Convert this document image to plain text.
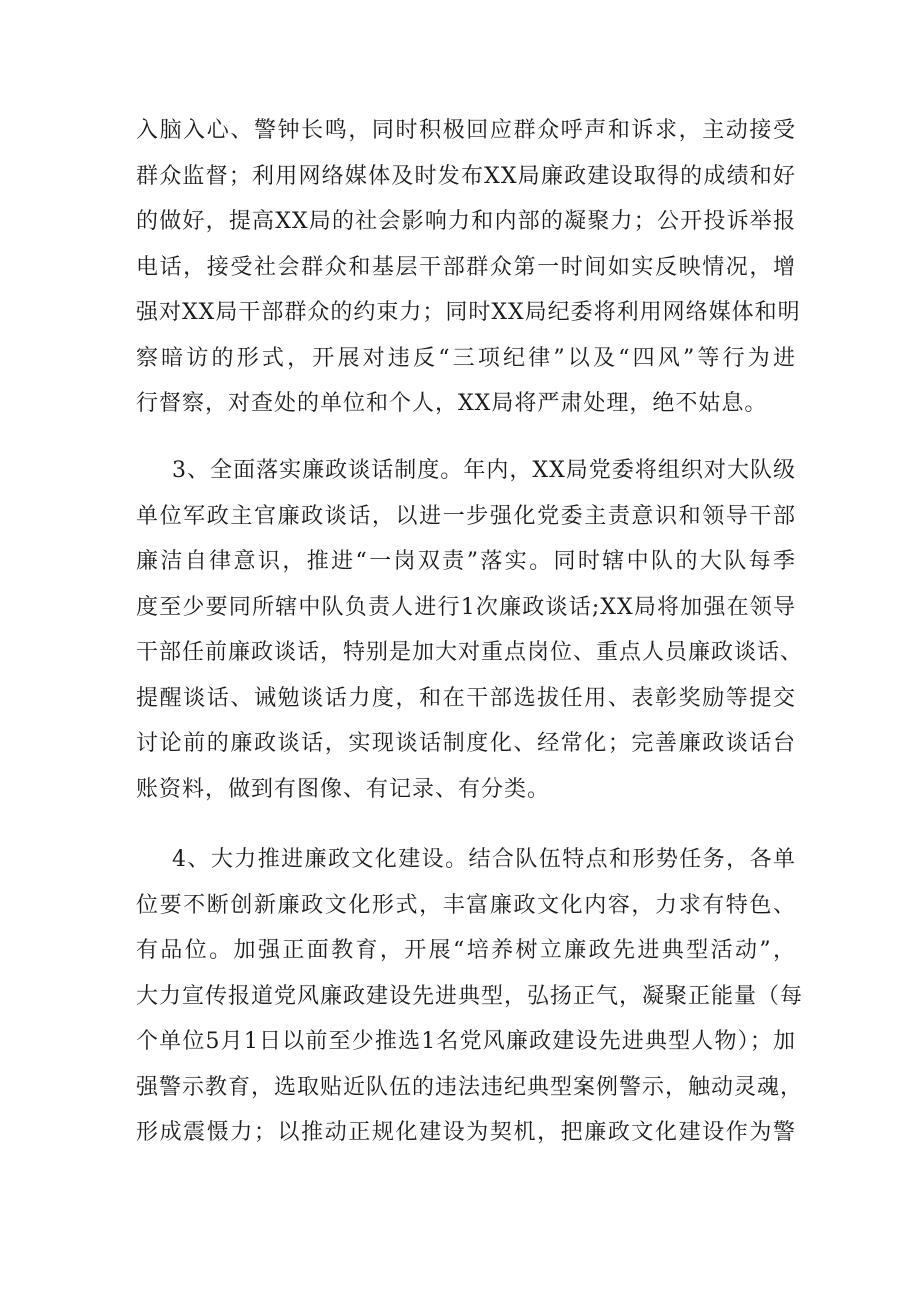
入脑入心、警钟长鸣，同时积极回应群众呼声和诉求，主动接受
群众监督；利用网络媒体及时发布XX局廉政建设取得的成绩和好
的做好，提高XX局的社会影响力和内部的凝聚力；公开投诉举报
电话，接受社会群众和基层干部群众第一时间如实反映情况，增
强对XX局干部群众的约束力；同时XX局纪委将利用网络媒体和明
察暗访的形式，开展对违反“三项纪律”以及“四风”等行为进
行督察，对查处的单位和个人，XX局将严肃处理，绝不姑息。
3、全面落实廉政谈话制度。年内，XX局党委将组织对大队级
单位军政主官廉政谈话，以进一步强化党委主责意识和领导干部
廉洁自律意识，推进“一岗双责”落实。同时辖中队的大队每季
度至少要同所辖中队负责人进行1次廉政谈话;XX局将加强在领导
干部任前廉政谈话，特别是加大对重点岗位、重点人员廉政谈话、
提醒谈话、诫勉谈话力度，和在干部选拔任用、表彰奖励等提交
讨论前的廉政谈话，实现谈话制度化、经常化；完善廉政谈话台
账资料，做到有图像、有记录、有分类。
4、大力推进廉政文化建设。结合队伍特点和形势任务，各单
位要不断创新廉政文化形式，丰富廉政文化内容，力求有特色、
有品位。加强正面教育，开展“培养树立廉政先进典型活动”，
大力宣传报道党风廉政建设先进典型，弘扬正气，凝聚正能量（每
个单位5月1日以前至少推选1名党风廉政建设先进典型人物）；加
强警示教育，选取贴近队伍的违法违纪典型案例警示，触动灵魂，
形成震慑力；以推动正规化建设为契机，把廉政文化建设作为警
